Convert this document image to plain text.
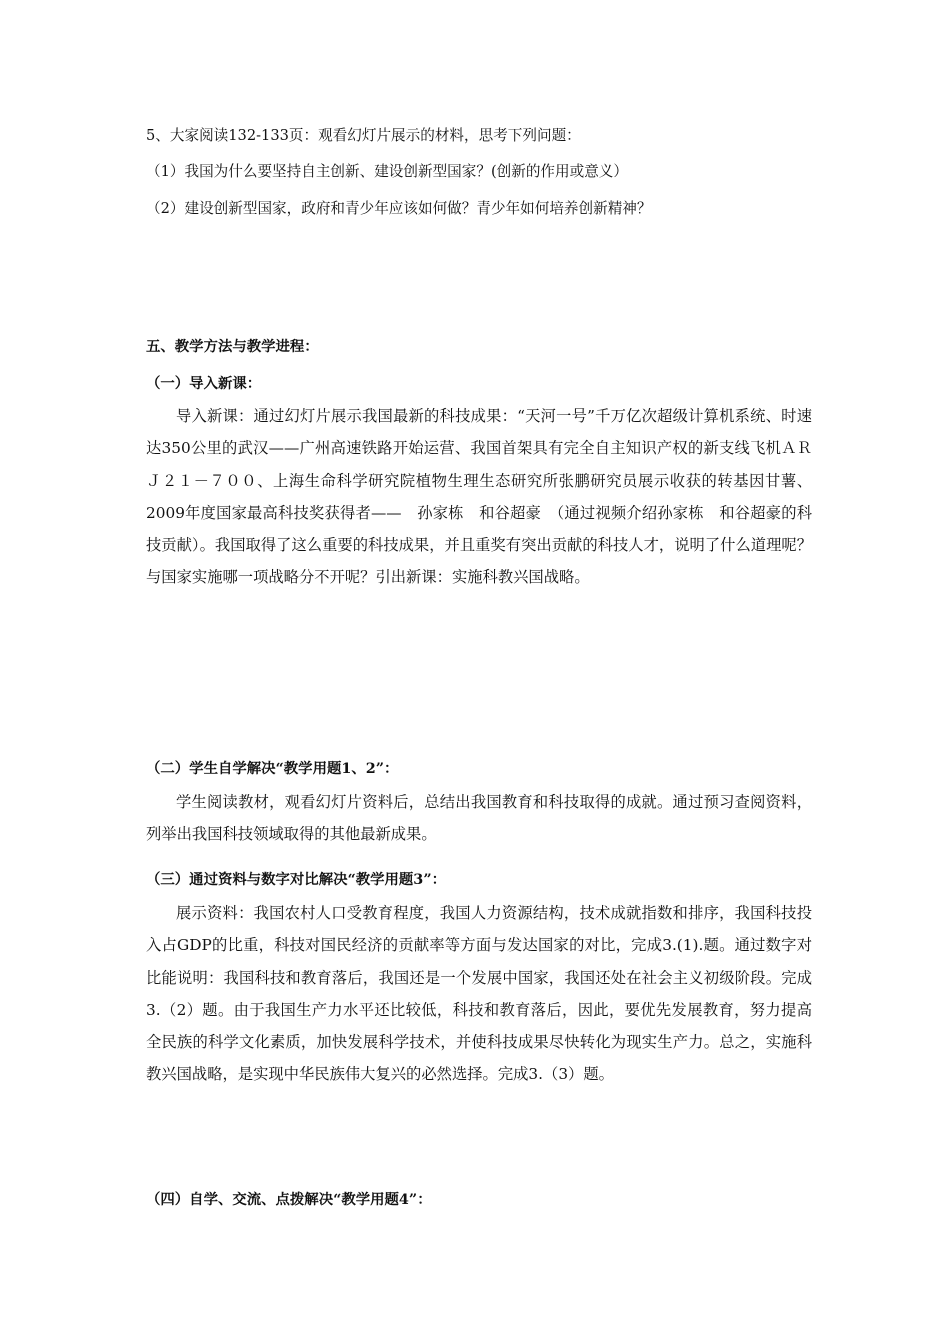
5、大家阅读132-133页：观看幻灯片展示的材料，思考下列问题：
（1）我国为什么要坚持自主创新、建设创新型国家？(创新的作用或意义）
（2）建设创新型国家，政府和青少年应该如何做？青少年如何培养创新精神？
五、教学方法与教学进程：
（一）导入新课：

导入新课：通过幻灯片展示我国最新的科技成果：“天河一号”千万亿次超级计算机系统、时速达350公里的武汉——广州高速铁路开始运营、我国首架具有完全自主知识产权的新支线飞机ＡＲＪ２１－７００、上海生命科学研究院植物生理生态研究所张鹏研究员展示收获的转基因甘薯、2009年度国家最高科技奖获得者——　孙家栋　和谷超豪　（通过视频介绍孙家栋　和谷超豪的科技贡献）。我国取得了这么重要的科技成果，并且重奖有突出贡献的科技人才，说明了什么道理呢？与国家实施哪一项战略分不开呢？引出新课：实施科教兴国战略。

（二）学生自学解决“教学用题1、2”：

学生阅读教材，观看幻灯片资料后，总结出我国教育和科技取得的成就。通过预习查阅资料，列举出我国科技领域取得的其他最新成果。

（三）通过资料与数字对比解决“教学用题3”：

展示资料：我国农村人口受教育程度，我国人力资源结构，技术成就指数和排序，我国科技投入占GDP的比重，科技对国民经济的贡献率等方面与发达国家的对比，完成3.(1).题。通过数字对比能说明：我国科技和教育落后，我国还是一个发展中国家，我国还处在社会主义初级阶段。完成3.（2）题。由于我国生产力水平还比较低，科技和教育落后，因此，要优先发展教育，努力提高全民族的科学文化素质，加快发展科学技术，并使科技成果尽快转化为现实生产力。总之，实施科教兴国战略，是实现中华民族伟大复兴的必然选择。完成3.（3）题。

（四）自学、交流、点拨解决“教学用题4”：
